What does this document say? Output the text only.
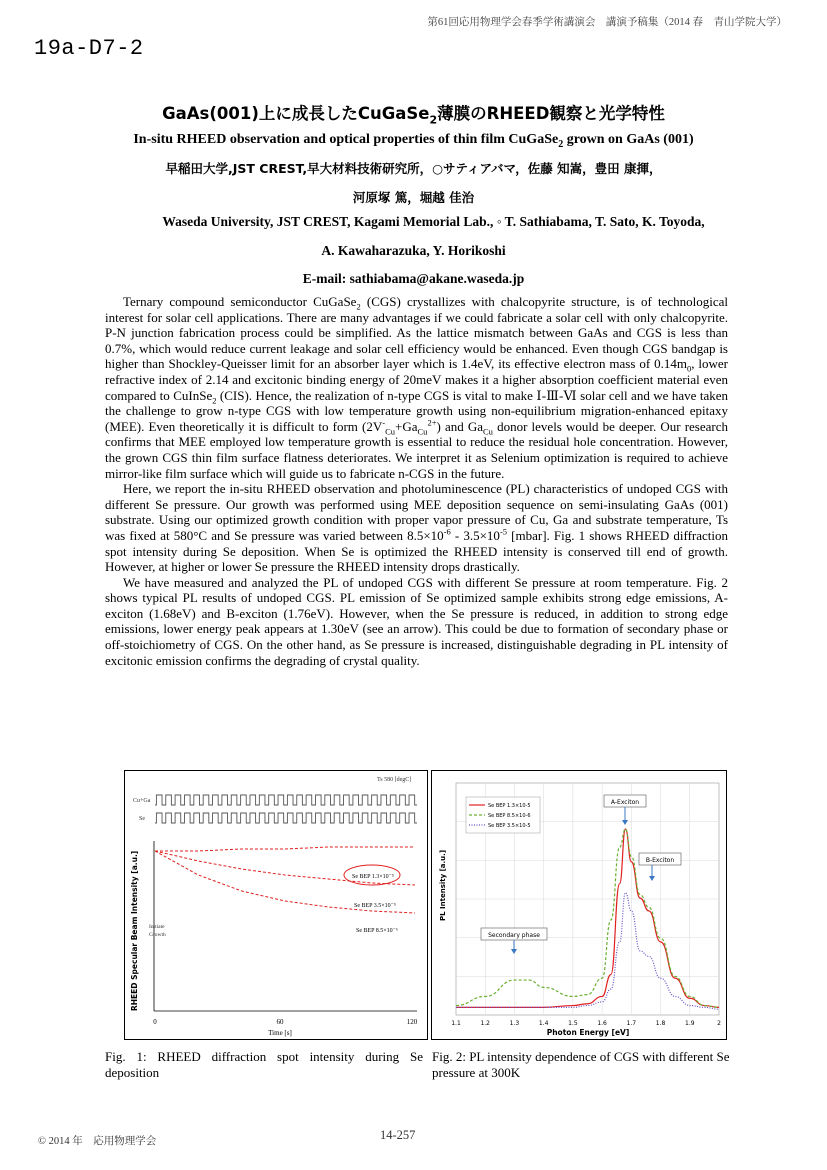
第61回応用物理学会春季学術講演会　講演予稿集（2014 春　青山学院大学）
19a-D7-2
GaAs(001)上に成長したCuGaSe$_2$薄膜のRHEED観察と光学特性
In-situ RHEED observation and optical properties of thin film CuGaSe$_2$ grown on GaAs (001)
早稲田大学,JST CREST,早大材料技術研究所，○サティアバマ，佐藤 知嵩，豊田 康揮，
河原塚 篤，堀越 佳治
Waseda University, JST CREST, Kagami Memorial Lab., ◦ T. Sathiabama, T. Sato, K. Toyoda,
A. Kawaharazuka, Y. Horikoshi
E-mail: sathiabama@akane.waseda.jp

Ternary compound semiconductor CuGaSe$_2$ (CGS) crystallizes with chalcopyrite structure, is of technological interest for solar cell applications. There are many advantages if we could fabricate a solar cell with only chalcopyrite. P-N junction fabrication process could be simplified. As the lattice mismatch between GaAs and CGS is less than 0.7%, which would reduce current leakage and solar cell efficiency would be enhanced. Even though CGS bandgap is higher than Shockley-Queisser limit for an absorber layer which is 1.4eV, its effective electron mass of $0.14m_0$, lower refractive index of 2.14 and excitonic binding energy of 20meV makes it a higher absorption coefficient material even compared to CuInSe$_2$ (CIS). Hence, the realization of n-type CGS is vital to make Ⅰ-Ⅲ-Ⅵ solar cell and we have taken the challenge to grow n-type CGS with low temperature growth using non-equilibrium migration-enhanced epitaxy (MEE). Even theoretically it is difficult to form $(2V^-_{Cu}+Ga_{Cu}^{2+})$ and $Ga_{Cu}$ donor levels would be deeper. Our research confirms that MEE employed low temperature growth is essential to reduce the residual hole concentration. However, the grown CGS thin film surface flatness deteriorates. We interpret it as Selenium optimization is required to achieve mirror-like film surface which will guide us to fabricate n-CGS in the future.

Here, we report the in-situ RHEED observation and photoluminescence (PL) characteristics of undoped CGS with different Se pressure. Our growth was performed using MEE deposition sequence on semi-insulating GaAs (001) substrate. Using our optimized growth condition with proper vapor pressure of Cu, Ga and substrate temperature, Ts was fixed at 580°C and Se pressure was varied between $8.5\times 10^{-6} - 3.5\times 10^{-5}$ [mbar]. Fig. 1 shows RHEED diffraction spot intensity during Se deposition. When Se is optimized the RHEED intensity is conserved till end of growth. However, at higher or lower Se pressure the RHEED intensity drops drastically.

We have measured and analyzed the PL of undoped CGS with different Se pressure at room temperature. Fig. 2 shows typical PL results of undoped CGS. PL emission of Se optimized sample exhibits strong edge emissions, A-exciton (1.68eV) and B-exciton (1.76eV). However, when the Se pressure is reduced, in addition to strong edge emissions, lower energy peak appears at 1.30eV (see an arrow). This could be due to formation of secondary phase or off-stoichiometry of CGS. On the other hand, as Se pressure is increased, distinguishable degrading in PL intensity of excitonic emission confirms the degrading of crystal quality.

Ts 580 [degC]
Cu+Ga
Se
RHEED Specular Beam Intensity [a.u.]
0	60	120
Time [s]
Initiate
Growth
Se BEP 1.3×10⁻⁵
Se BEP 3.5×10⁻⁵
Se BEP 8.5×10⁻⁶
Se BEP 1.3×10-5
Se BEP 8.5×10-6
Se BEP 3.5×10-5
A-Exciton
B-Exciton
Secondary phase
PL Intensity [a.u.]
1.1	1.2	1.3	1.4	1.5	1.6	1.7	1.8	1.9	2
Photon Energy [eV]
Fig. 1: RHEED diffraction spot intensity during Se deposition
Fig. 2: PL intensity dependence of CGS with different Se pressure at 300K
© 2014 年　応用物理学会	14-257
